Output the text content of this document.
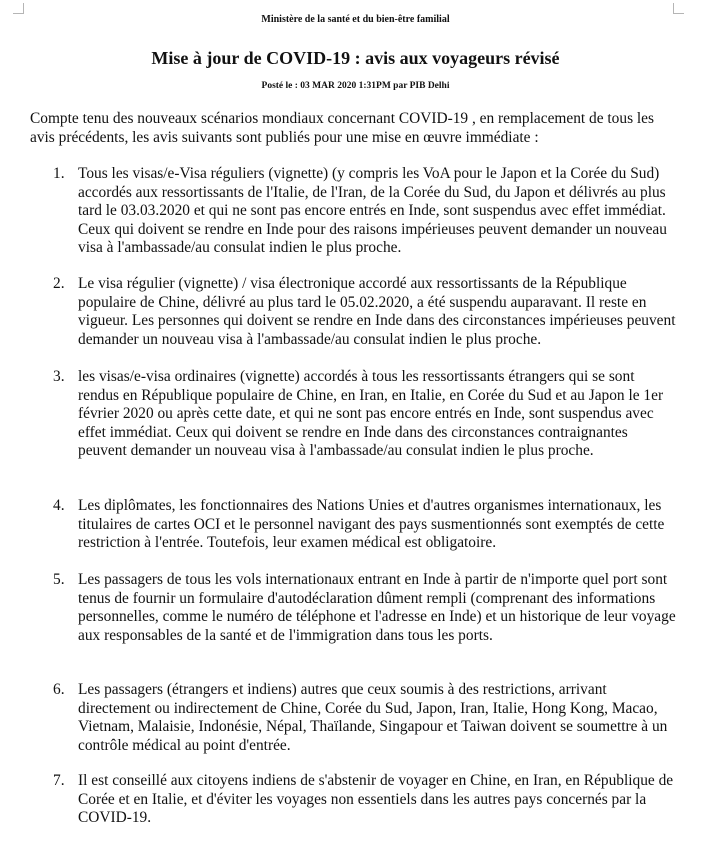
Ministère de la santé et du bien-être familial
Mise à jour de COVID-19 : avis aux voyageurs révisé
Posté le : 03 MAR 2020 1:31PM par PIB Delhi

Compte tenu des nouveaux scénarios mondiaux concernant COVID-19 , en remplacement de tous les avis précédents, les avis suivants sont publiés pour une mise en œuvre immédiate :

1. Tous les visas/e-Visa réguliers (vignette) (y compris les VoA pour le Japon et la Corée du Sud) accordés aux ressortissants de l'Italie, de l'Iran, de la Corée du Sud, du Japon et délivrés au plus tard le 03.03.2020 et qui ne sont pas encore entrés en Inde, sont suspendus avec effet immédiat. Ceux qui doivent se rendre en Inde pour des raisons impérieuses peuvent demander un nouveau visa à l'ambassade/au consulat indien le plus proche.

2. Le visa régulier (vignette) / visa électronique accordé aux ressortissants de la République populaire de Chine, délivré au plus tard le 05.02.2020, a été suspendu auparavant. Il reste en vigueur. Les personnes qui doivent se rendre en Inde dans des circonstances impérieuses peuvent demander un nouveau visa à l'ambassade/au consulat indien le plus proche.

3. les visas/e-visa ordinaires (vignette) accordés à tous les ressortissants étrangers qui se sont rendus en République populaire de Chine, en Iran, en Italie, en Corée du Sud et au Japon le 1er février 2020 ou après cette date, et qui ne sont pas encore entrés en Inde, sont suspendus avec effet immédiat. Ceux qui doivent se rendre en Inde dans des circonstances contraignantes peuvent demander un nouveau visa à l'ambassade/au consulat indien le plus proche.

4. Les diplômates, les fonctionnaires des Nations Unies et d'autres organismes internationaux, les titulaires de cartes OCI et le personnel navigant des pays susmentionnés sont exemptés de cette restriction à l'entrée. Toutefois, leur examen médical est obligatoire.

5. Les passagers de tous les vols internationaux entrant en Inde à partir de n'importe quel port sont tenus de fournir un formulaire d'autodéclaration dûment rempli (comprenant des informations personnelles, comme le numéro de téléphone et l'adresse en Inde) et un historique de leur voyage aux responsables de la santé et de l'immigration dans tous les ports.

6. Les passagers (étrangers et indiens) autres que ceux soumis à des restrictions, arrivant directement ou indirectement de Chine, Corée du Sud, Japon, Iran, Italie, Hong Kong, Macao, Vietnam, Malaisie, Indonésie, Népal, Thaïlande, Singapour et Taiwan doivent se soumettre à un contrôle médical au point d'entrée.

7. Il est conseillé aux citoyens indiens de s'abstenir de voyager en Chine, en Iran, en République de Corée et en Italie, et d'éviter les voyages non essentiels dans les autres pays concernés par la COVID-19.
